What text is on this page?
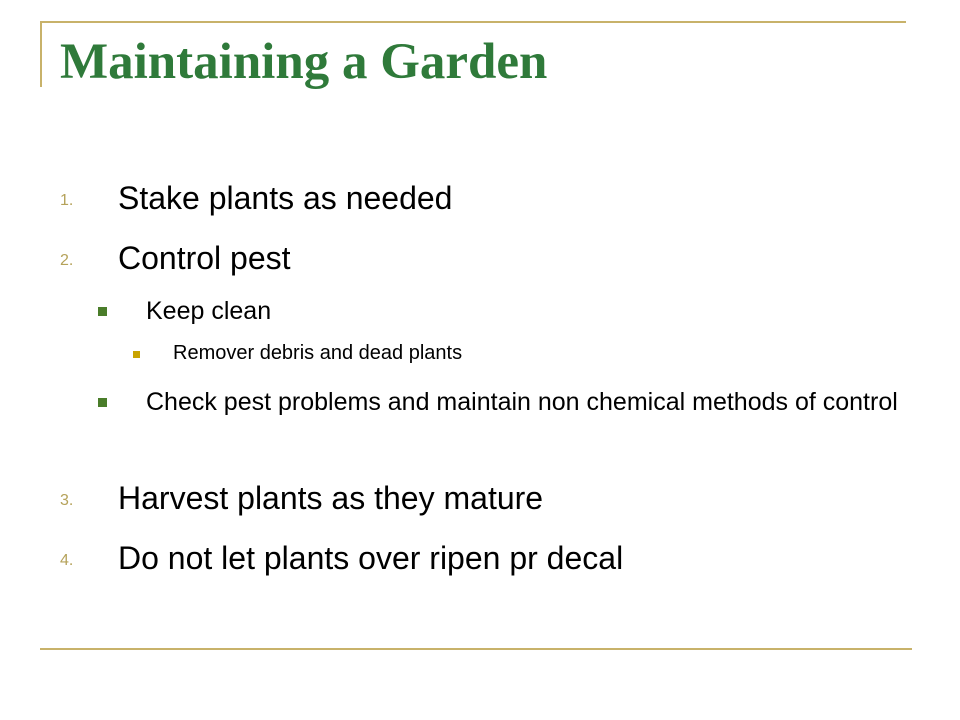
Maintaining a Garden
1. Stake plants as needed
2. Control pest
Keep clean
Remover debris and dead plants
Check pest problems and maintain non chemical methods of control
3. Harvest plants as they mature
4. Do not let plants over ripen pr decal
